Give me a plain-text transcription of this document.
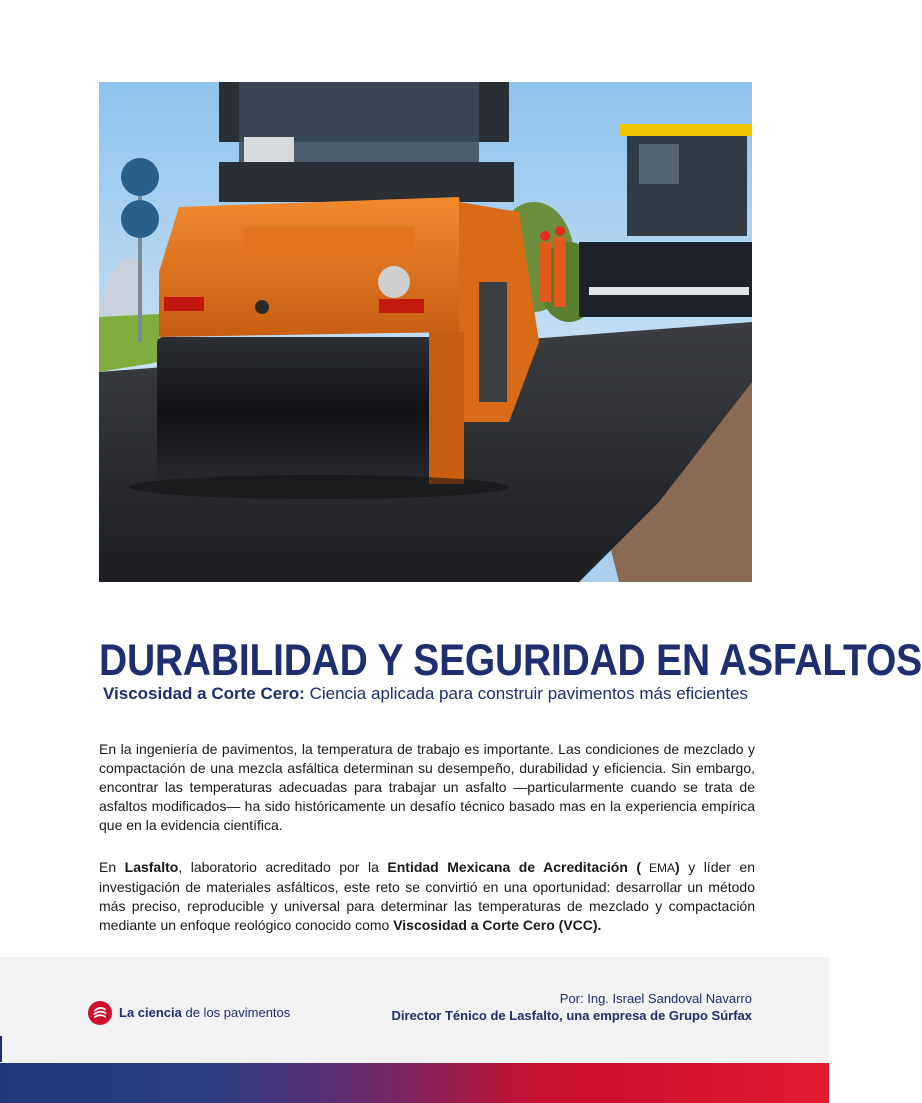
DURABILIDAD Y SEGURIDAD EN ASFALTOS
Viscosidad a Corte Cero: Ciencia aplicada para construir pavimentos más eficientes

En la ingeniería de pavimentos, la temperatura de trabajo es importante. Las condiciones de mezclado y compactación de una mezcla asfáltica determinan su desempeño, durabilidad y eficiencia. Sin embargo, encontrar las temperaturas adecuadas para trabajar un asfalto —particularmente cuando se trata de asfaltos modificados— ha sido históricamente un desafío técnico basado mas en la experiencia empírica que en la evidencia científica.

En Lasfalto, laboratorio acreditado por la Entidad Mexicana de Acreditación ( EMA) y líder en investigación de materiales asfálticos, este reto se convirtió en una oportunidad: desarrollar un método más preciso, reproducible y universal para determinar las temperaturas de mezclado y compactación mediante un enfoque reológico conocido como Viscosidad a Corte Cero (VCC).

La ciencia de los pavimentos
Por: Ing. Israel Sandoval Navarro
Director Ténico de Lasfalto, una empresa de Grupo Súrfax
